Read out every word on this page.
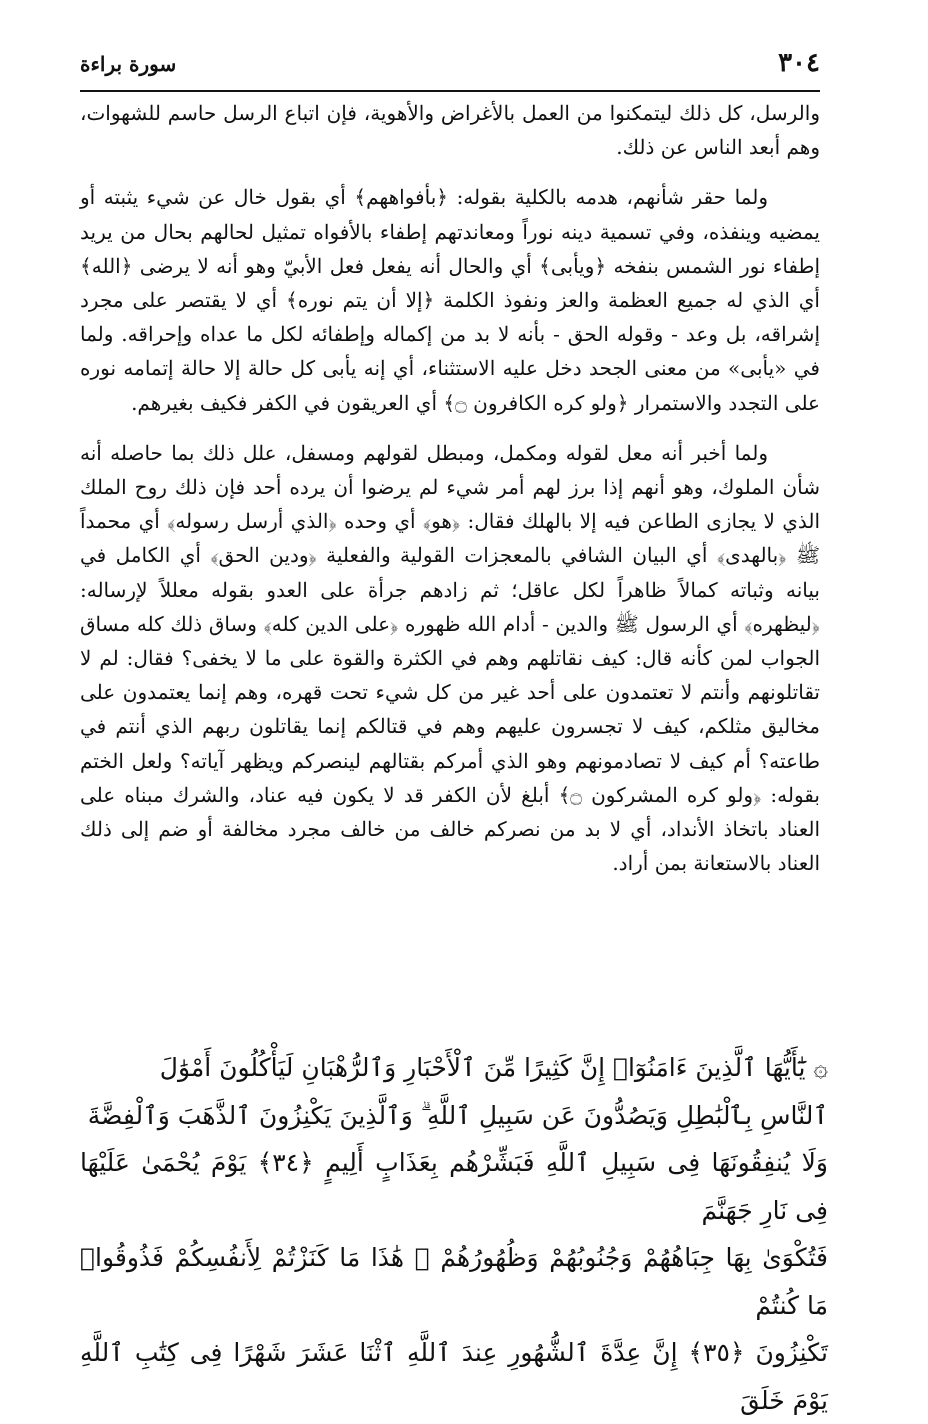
٣٠٤
سورة براءة

والرسل، كل ذلك ليتمكنوا من العمل بالأغراض والأهوية، فإن اتباع الرسل حاسم للشهوات، وهم أبعد الناس عن ذلك.

ولما حقر شأنهم، هدمه بالكلية بقوله: ﴿بأفواههم﴾ أي بقول خال عن شيء يثبته أو يمضيه وينفذه، وفي تسمية دينه نوراً ومعاندتهم إطفاء بالأفواه تمثيل لحالهم بحال من يريد إطفاء نور الشمس بنفخه ﴿ويأبى﴾ أي والحال أنه يفعل فعل الأبيّ وهو أنه لا يرضى ﴿الله﴾ أي الذي له جميع العظمة والعز ونفوذ الكلمة ﴿إلا أن يتم نوره﴾ أي لا يقتصر على مجرد إشراقه، بل وعد - وقوله الحق - بأنه لا بد من إكماله وإطفائه لكل ما عداه وإحراقه. ولما في «يأبى» من معنى الجحد دخل عليه الاستثناء، أي إنه يأبى كل حالة إلا حالة إتمامه نوره على التجدد والاستمرار ﴿ولو كره الكافرون ۝﴾ أي العريقون في الكفر فكيف بغيرهم.

ولما أخبر أنه معل لقوله ومكمل، ومبطل لقولهم ومسفل، علل ذلك بما حاصله أنه شأن الملوك، وهو أنهم إذا برز لهم أمر شيء لم يرضوا أن يرده أحد فإن ذلك روح الملك الذي لا يجازى الطاعن فيه إلا بالهلك فقال: ﴿هو﴾ أي وحده ﴿الذي أرسل رسوله﴾ أي محمداً ﷺ ﴿بالهدى﴾ أي البيان الشافي بالمعجزات القولية والفعلية ﴿ودين الحق﴾ أي الكامل في بيانه وثباته كمالاً ظاهراً لكل عاقل؛ ثم زادهم جرأة على العدو بقوله معللاً لإرساله: ﴿ليظهره﴾ أي الرسول ﷺ والدين - أدام الله ظهوره ﴿على الدين كله﴾ وساق ذلك كله مساق الجواب لمن كأنه قال: كيف نقاتلهم وهم في الكثرة والقوة على ما لا يخفى؟ فقال: لم لا تقاتلونهم وأنتم لا تعتمدون على أحد غير من كل شيء تحت قهره، وهم إنما يعتمدون على مخاليق مثلكم، كيف لا تجسرون عليهم وهم في قتالكم إنما يقاتلون ربهم الذي أنتم في طاعته؟ أم كيف لا تصادمونهم وهو الذي أمركم بقتالهم لينصركم ويظهر آياته؟ ولعل الختم بقوله: ﴿ولو كره المشركون ۝﴾ أبلغ لأن الكفر قد لا يكون فيه عناد، والشرك مبناه على العناد باتخاذ الأنداد، أي لا بد من نصركم خالف من خالف مجرد مخالفة أو ضم إلى ذلك العناد بالاستعانة بمن أراد.

۞ يَٰٓأَيُّهَا ٱلَّذِينَ ءَامَنُوٓا۟ إِنَّ كَثِيرًا مِّنَ ٱلْأَحْبَارِ وَٱلرُّهْبَانِ لَيَأْكُلُونَ أَمْوَٰلَ

ٱلنَّاسِ بِٱلْبَٰطِلِ وَيَصُدُّونَ عَن سَبِيلِ ٱللَّهِ ۗ وَٱلَّذِينَ يَكْنِزُونَ ٱلذَّهَبَ وَٱلْفِضَّةَ

وَلَا يُنفِقُونَهَا فِى سَبِيلِ ٱللَّهِ فَبَشِّرْهُم بِعَذَابٍ أَلِيمٍ ﴿٣٤﴾ يَوْمَ يُحْمَىٰ عَلَيْهَا فِى نَارِ جَهَنَّمَ

فَتُكْوَىٰ بِهَا جِبَاهُهُمْ وَجُنُوبُهُمْ وَظُهُورُهُمْ ۖ هَٰذَا مَا كَنَزْتُمْ لِأَنفُسِكُمْ فَذُوقُوا۟ مَا كُنتُمْ

تَكْنِزُونَ ﴿٣٥﴾ إِنَّ عِدَّةَ ٱلشُّهُورِ عِندَ ٱللَّهِ ٱثْنَا عَشَرَ شَهْرًا فِى كِتَٰبِ ٱللَّهِ يَوْمَ خَلَقَ
